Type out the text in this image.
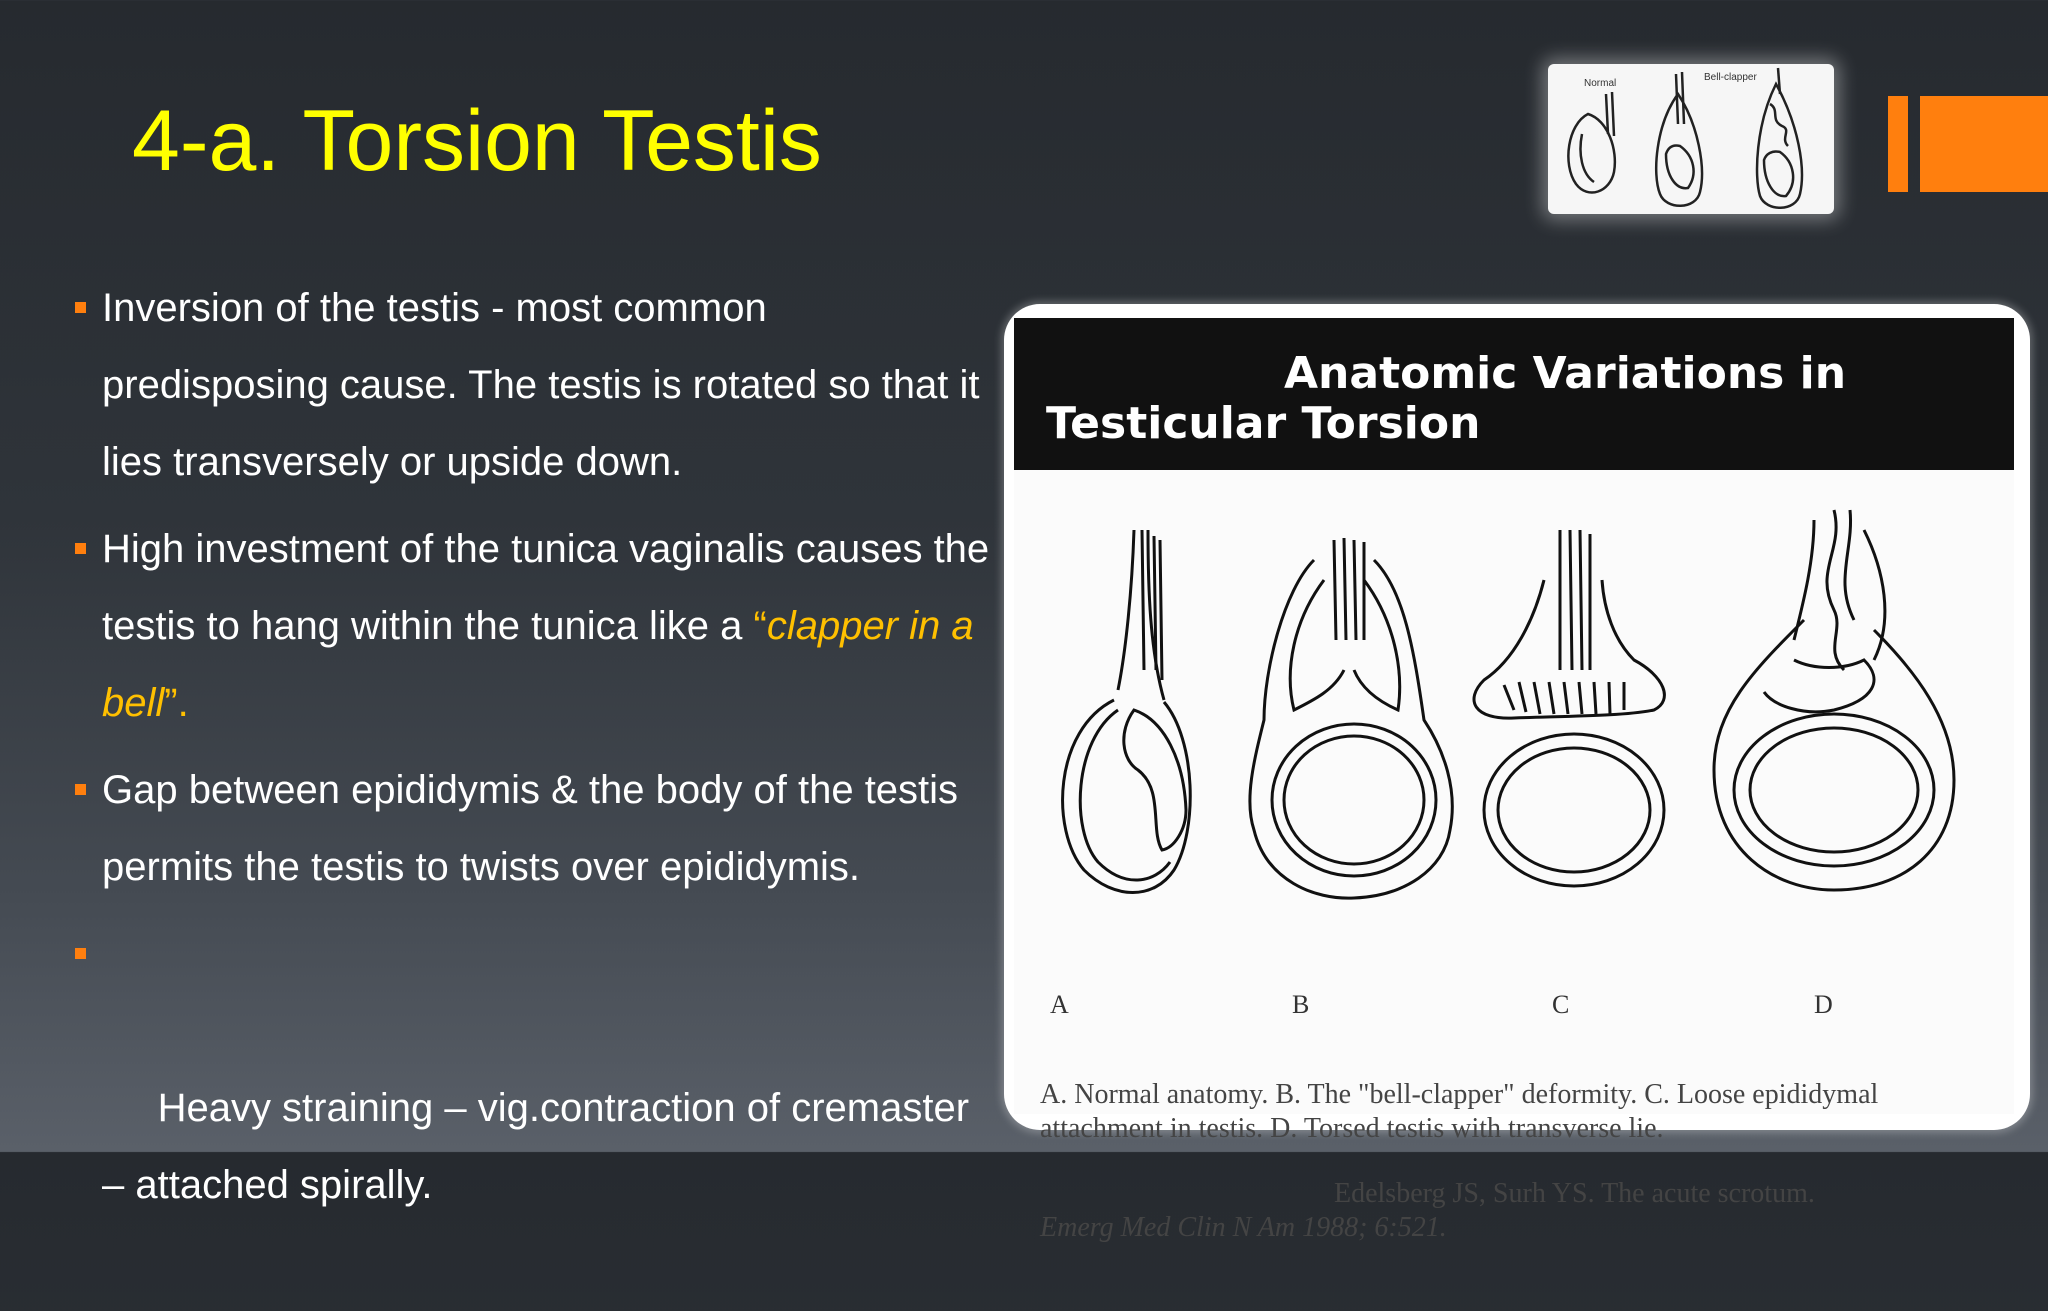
4-a. Torsion Testis
Normal
Bell-clapper
Inversion of the testis - most common predisposing cause. The testis is rotated so that it lies transversely or upside down.
High investment of the tunica vaginalis causes the testis to hang within the tunica like a “clapper in a bell”.
Gap between epididymis & the body of the testis permits the testis to twists over epididymis.

Heavy straining – vig.contraction of cremaster – attached spirally.

Anatomic Variations in
Testicular Torsion
A	B	C	D
A. Normal anatomy. B. The "bell-clapper" deformity. C. Loose epididymal attachment in testis. D. Torsed testis with transverse lie.
Edelsberg JS, Surh YS. The acute scrotum.
Emerg Med Clin N Am 1988; 6:521.
